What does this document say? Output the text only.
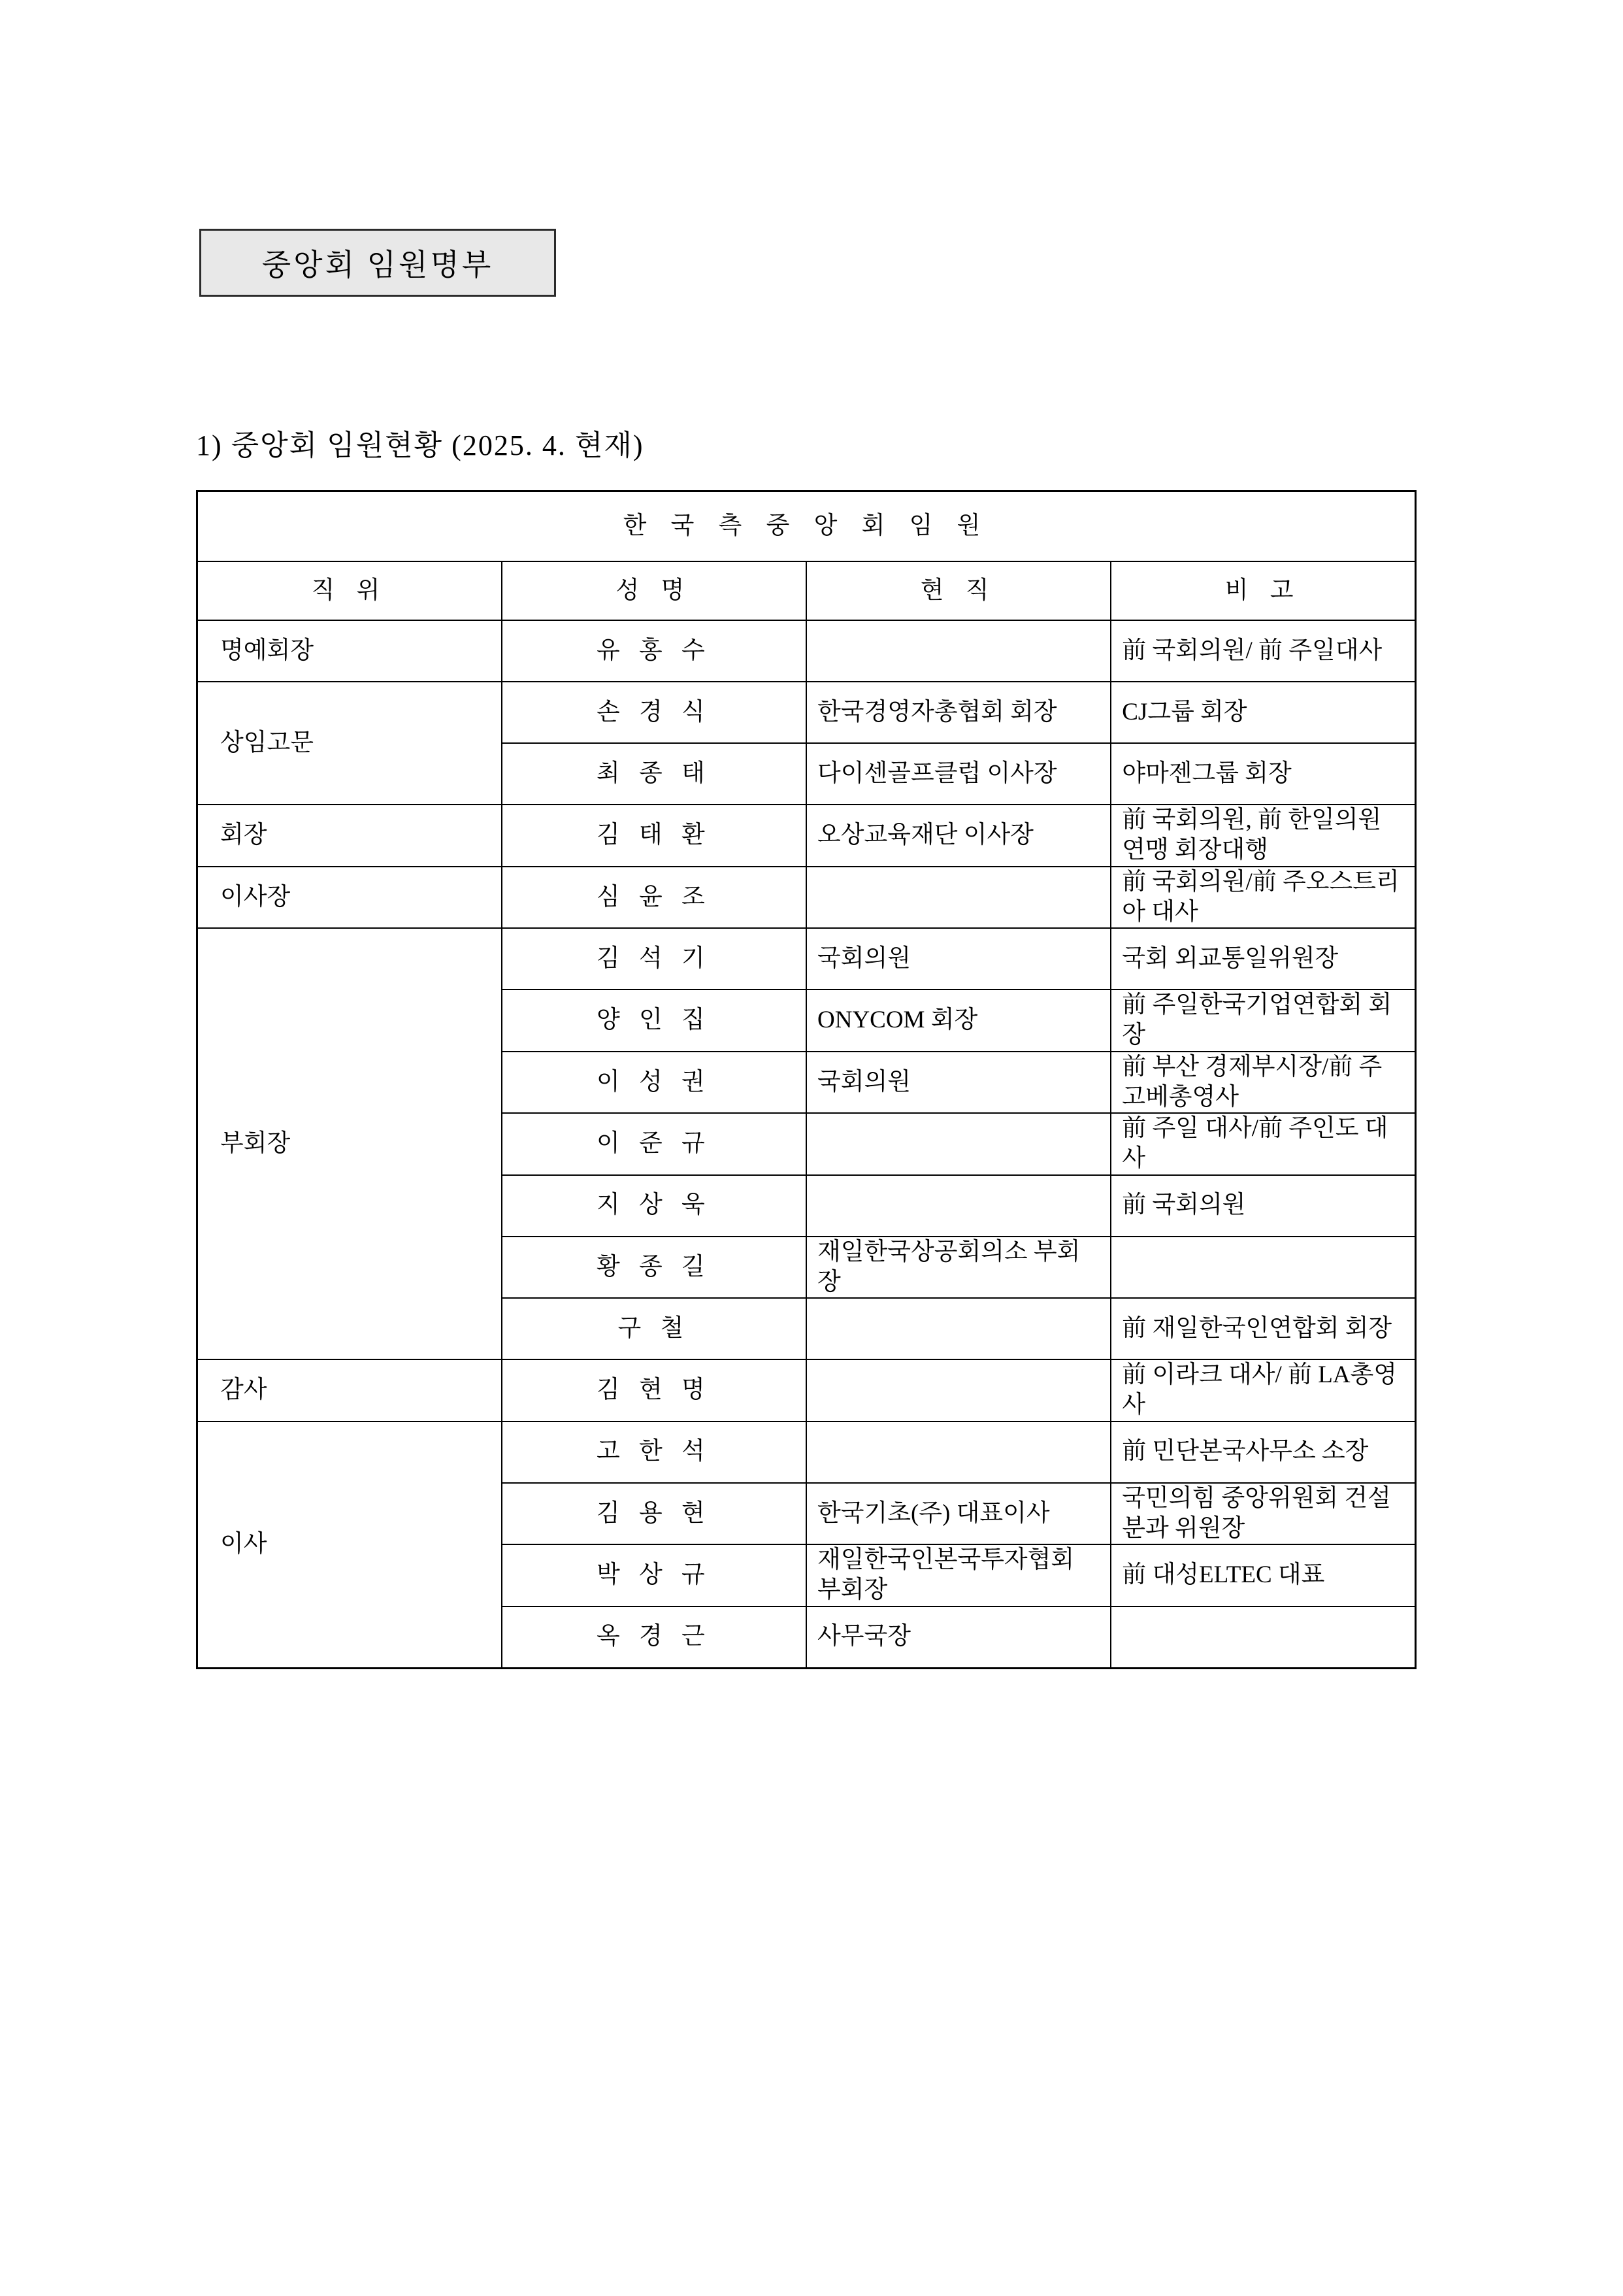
중앙회 임원명부
1) 중앙회 임원현황 (2025. 4. 현재)
한 국 측 중 앙 회 임 원			
직 위	성 명	현 직	비 고
명예회장	유 홍 수		前 국회의원/ 前 주일대사
상임고문	손 경 식	한국경영자총협회 회장	CJ그룹 회장
	최 종 태	다이센골프클럽 이사장	야마젠그룹 회장
회장	김 태 환	오상교육재단 이사장	前 국회의원, 前 한일의원연맹 회장대행
이사장	심 윤 조		前 국회의원/前 주오스트리아 대사
부회장	김 석 기	국회의원	국회 외교통일위원장
	양 인 집	ONYCOM 회장	前 주일한국기업연합회 회장
	이 성 권	국회의원	前 부산 경제부시장/前 주고베총영사
	이 준 규		前 주일 대사/前 주인도 대사
	지 상 욱		前 국회의원
	황 종 길	재일한국상공회의소 부회장	
	구 철		前 재일한국인연합회 회장
감사	김 현 명		前 이라크 대사/ 前 LA총영사
이사	고 한 석		前 민단본국사무소 소장
	김 용 현	한국기초(주) 대표이사	국민의힘 중앙위원회 건설분과 위원장
	박 상 규	재일한국인본국투자협회 부회장	前 대성ELTEC 대표
	옥 경 근	사무국장	
